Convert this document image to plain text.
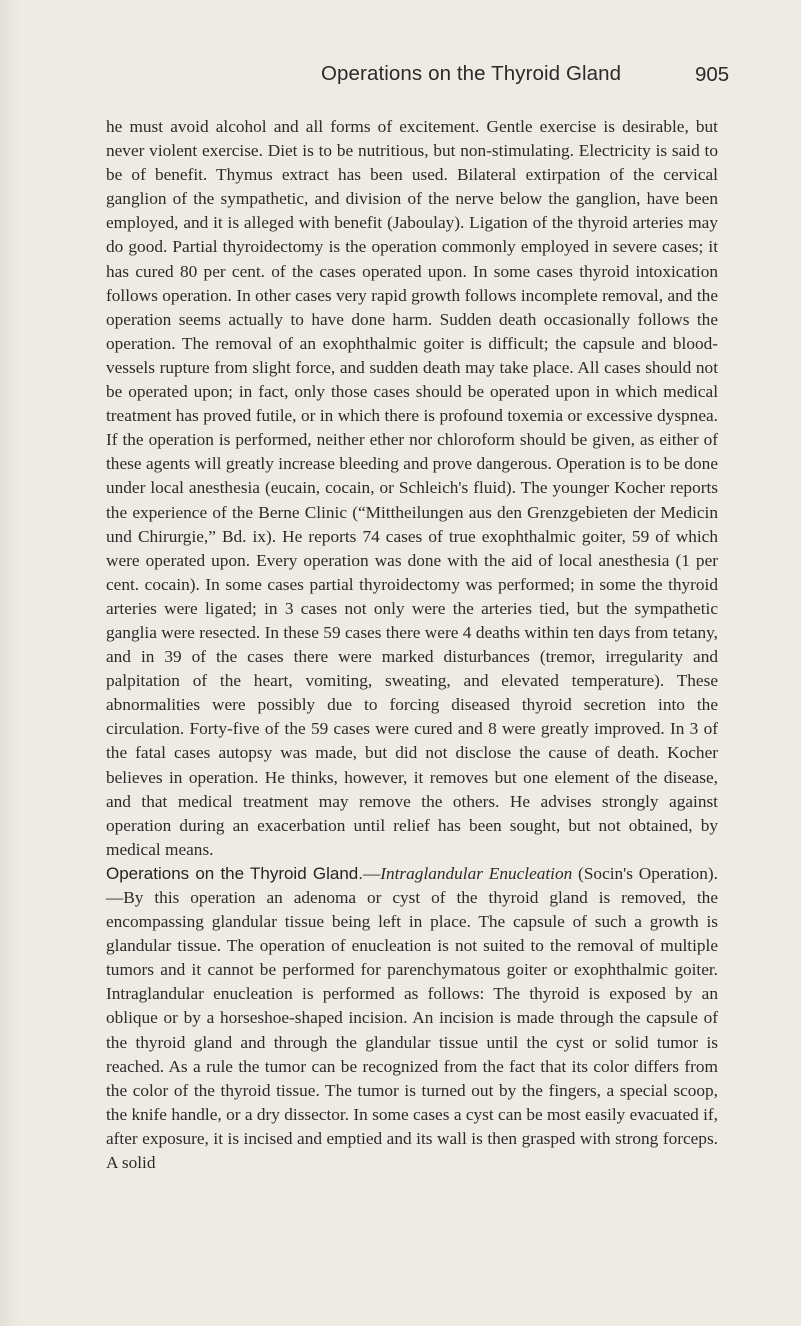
Operations on the Thyroid Gland	905

he must avoid alcohol and all forms of excitement. Gentle exercise is desirable, but never violent exercise. Diet is to be nutritious, but non-stimulating. Electricity is said to be of benefit. Thymus extract has been used. Bilateral extirpation of the cervical ganglion of the sympathetic, and division of the nerve below the ganglion, have been employed, and it is alleged with benefit (Jaboulay). Ligation of the thyroid arteries may do good. Partial thyroidectomy is the operation commonly employed in severe cases; it has cured 80 per cent. of the cases operated upon. In some cases thyroid intoxication follows operation. In other cases very rapid growth follows incomplete removal, and the operation seems actually to have done harm. Sudden death occasionally follows the operation. The removal of an exophthalmic goiter is difficult; the capsule and blood-vessels rupture from slight force, and sudden death may take place. All cases should not be operated upon; in fact, only those cases should be operated upon in which medical treatment has proved futile, or in which there is profound toxemia or excessive dyspnea. If the operation is performed, neither ether nor chloroform should be given, as either of these agents will greatly increase bleeding and prove dangerous. Operation is to be done under local anesthesia (eucain, cocain, or Schleich's fluid). The younger Kocher reports the experience of the Berne Clinic (“Mittheilungen aus den Grenzgebieten der Medicin und Chirurgie,” Bd. ix). He reports 74 cases of true exophthalmic goiter, 59 of which were operated upon. Every operation was done with the aid of local anesthesia (1 per cent. cocain). In some cases partial thyroidectomy was performed; in some the thyroid arteries were ligated; in 3 cases not only were the arteries tied, but the sympathetic ganglia were resected. In these 59 cases there were 4 deaths within ten days from tetany, and in 39 of the cases there were marked disturbances (tremor, irregularity and palpitation of the heart, vomiting, sweating, and elevated temperature). These abnormalities were possibly due to forcing diseased thyroid secretion into the circulation. Forty-five of the 59 cases were cured and 8 were greatly improved. In 3 of the fatal cases autopsy was made, but did not disclose the cause of death. Kocher believes in operation. He thinks, however, it removes but one element of the disease, and that medical treatment may remove the others. He advises strongly against operation during an exacerbation until relief has been sought, but not obtained, by medical means.

Operations on the Thyroid Gland.—Intraglandular Enucleation (Socin's Operation).—By this operation an adenoma or cyst of the thyroid gland is removed, the encompassing glandular tissue being left in place. The capsule of such a growth is glandular tissue. The operation of enucleation is not suited to the removal of multiple tumors and it cannot be performed for parenchymatous goiter or exophthalmic goiter. Intraglandular enucleation is performed as follows: The thyroid is exposed by an oblique or by a horseshoe-shaped incision. An incision is made through the capsule of the thyroid gland and through the glandular tissue until the cyst or solid tumor is reached. As a rule the tumor can be recognized from the fact that its color differs from the color of the thyroid tissue. The tumor is turned out by the fingers, a special scoop, the knife handle, or a dry dissector. In some cases a cyst can be most easily evacuated if, after exposure, it is incised and emptied and its wall is then grasped with strong forceps. A solid
